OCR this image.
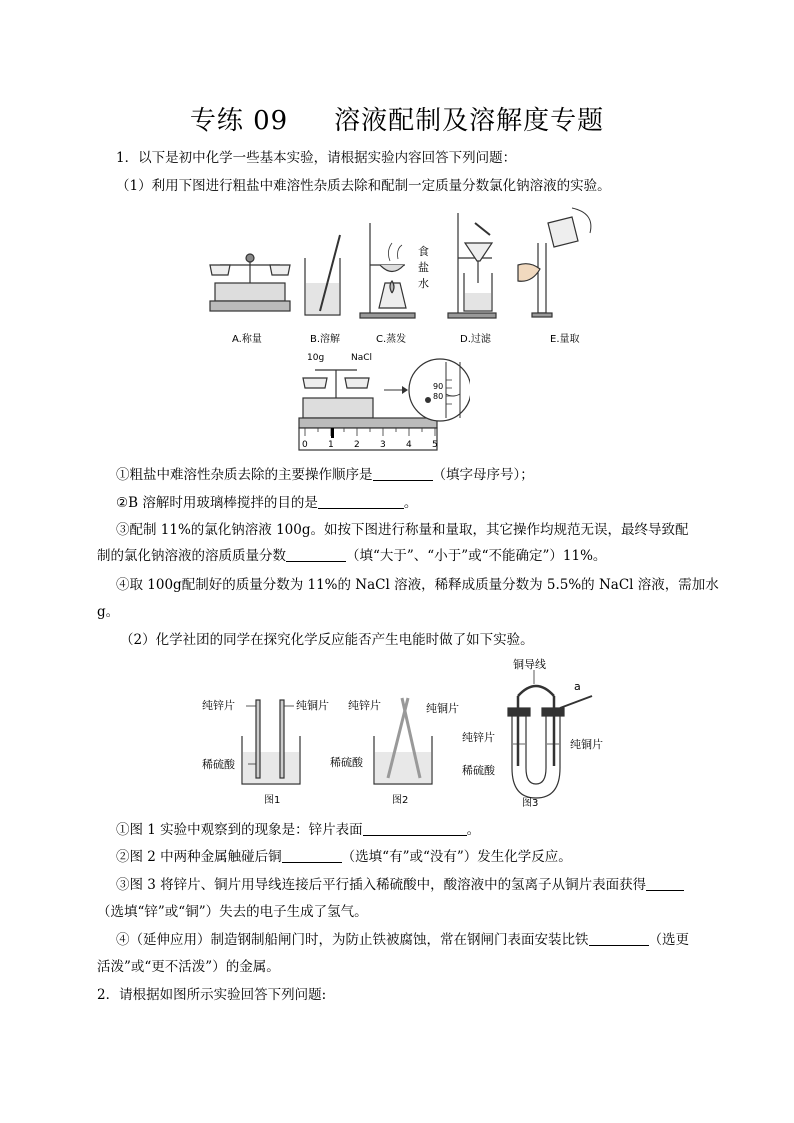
专练 09 溶液配制及溶解度专题
1．以下是初中化学一些基本实验，请根据实验内容回答下列问题：
（1）利用下图进行粗盐中难溶性杂质去除和配制一定质量分数氯化钠溶液的实验。
食
盐
水
A.称量	B.溶解	C.蒸发	D.过滤	E.量取
10g	NaCl
0 1 2 3 4 5
90
80
①粗盐中难溶性杂质去除的主要操作顺序是	（填字母序号）；
②B 溶解时用玻璃棒搅拌的目的是	。
③配制 11%的氯化钠溶液 100g。如按下图进行称量和量取，其它操作均规范无误，最终导致配
制的氯化钠溶液的溶质质量分数	（填“大于”、“小于”或“不能确定”）11%。
④取 100g配制好的质量分数为 11%的 NaCl 溶液，稀释成质量分数为 5.5%的 NaCl 溶液，需加水
g。
（2）化学社团的同学在探究化学反应能否产生电能时做了如下实验。
纯锌片	纯铜片
稀硫酸
纯锌片	纯铜片
稀硫酸
铜导线
a
纯锌片
纯铜片
稀硫酸
图1	图2	图3
①图 1 实验中观察到的现象是：锌片表面	。
②图 2 中两种金属触碰后铜	（选填“有”或“没有”）发生化学反应。
③图 3 将锌片、铜片用导线连接后平行插入稀硫酸中，酸溶液中的氢离子从铜片表面获得
（选填“锌”或“铜”）失去的电子生成了氢气。
④（延伸应用）制造钢制船闸门时，为防止铁被腐蚀，常在钢闸门表面安装比铁	（选更
活泼”或“更不活泼”）的金属。
2．请根据如图所示实验回答下列问题:
